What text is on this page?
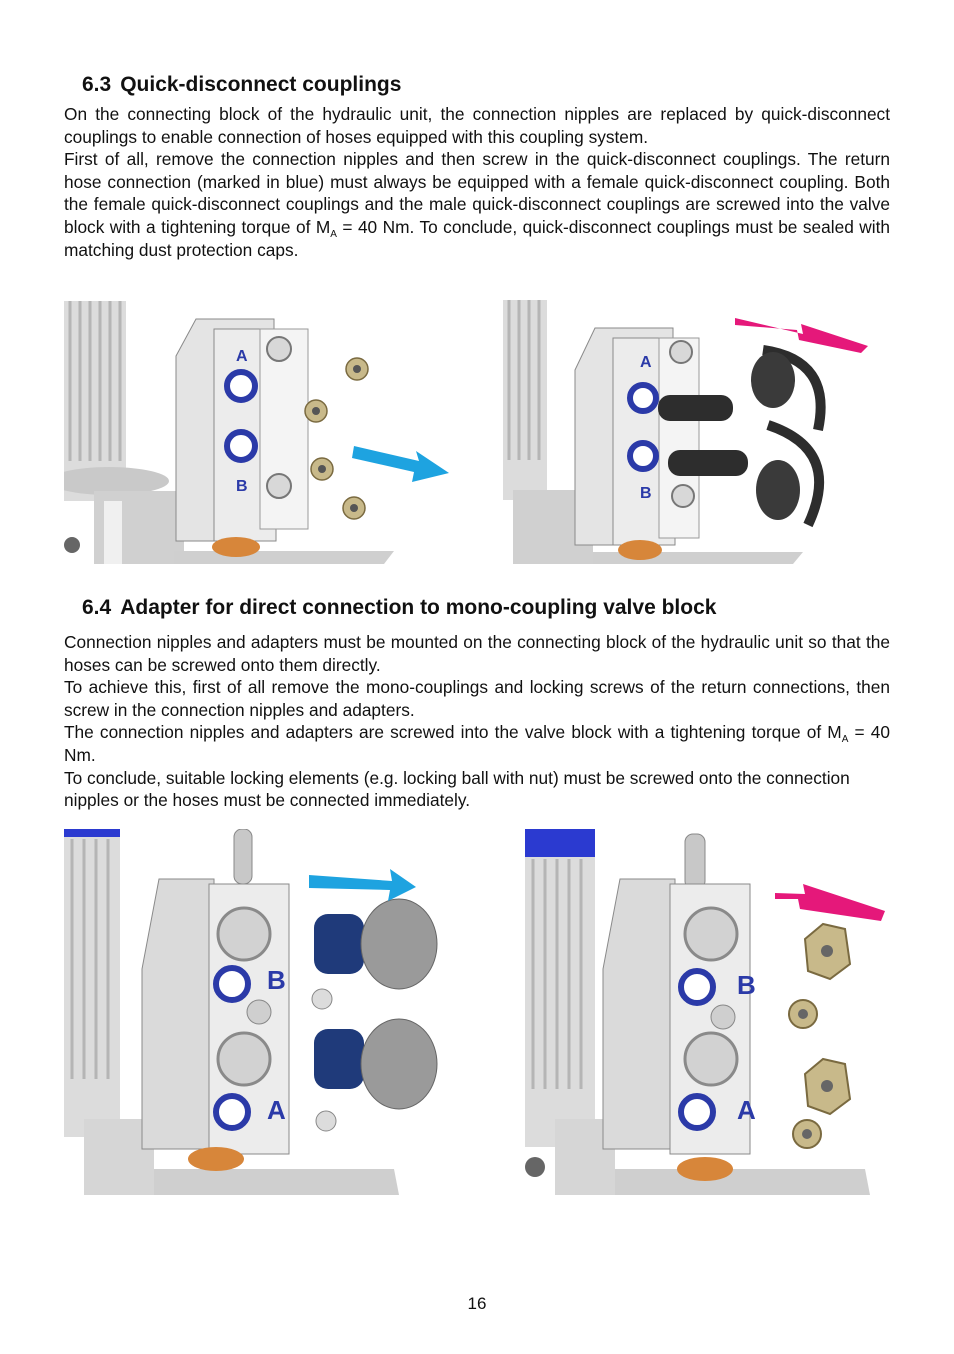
6.3 Quick-disconnect couplings

On the connecting block of the hydraulic unit, the connection nipples are replaced by quick-disconnect couplings to enable connection of hoses equipped with this coupling system.

First of all, remove the connection nipples and then screw in the quick-disconnect couplings. The return hose connection (marked in blue) must always be equipped with a female quick-disconnect coupling. Both the female quick-disconnect couplings and the male quick-disconnect couplings are screwed into the valve block with a tightening torque of $M_A = 40$ Nm. To conclude, quick-disconnect couplings must be sealed with matching dust protection caps.

A
B
A
B
6.4 Adapter for direct connection to mono-coupling valve block

Connection nipples and adapters must be mounted on the connecting block of the hydraulic unit so that the hoses can be screwed onto them directly.

To achieve this, first of all remove the mono-couplings and locking screws of the return connections, then screw in the connection nipples and adapters.

The connection nipples and adapters are screwed into the valve block with a tightening torque of $M_A = 40$ Nm.

To conclude, suitable locking elements (e.g. locking ball with nut) must be screwed onto the connection nipples or the hoses must be connected immediately.

B
A
B
A
16
